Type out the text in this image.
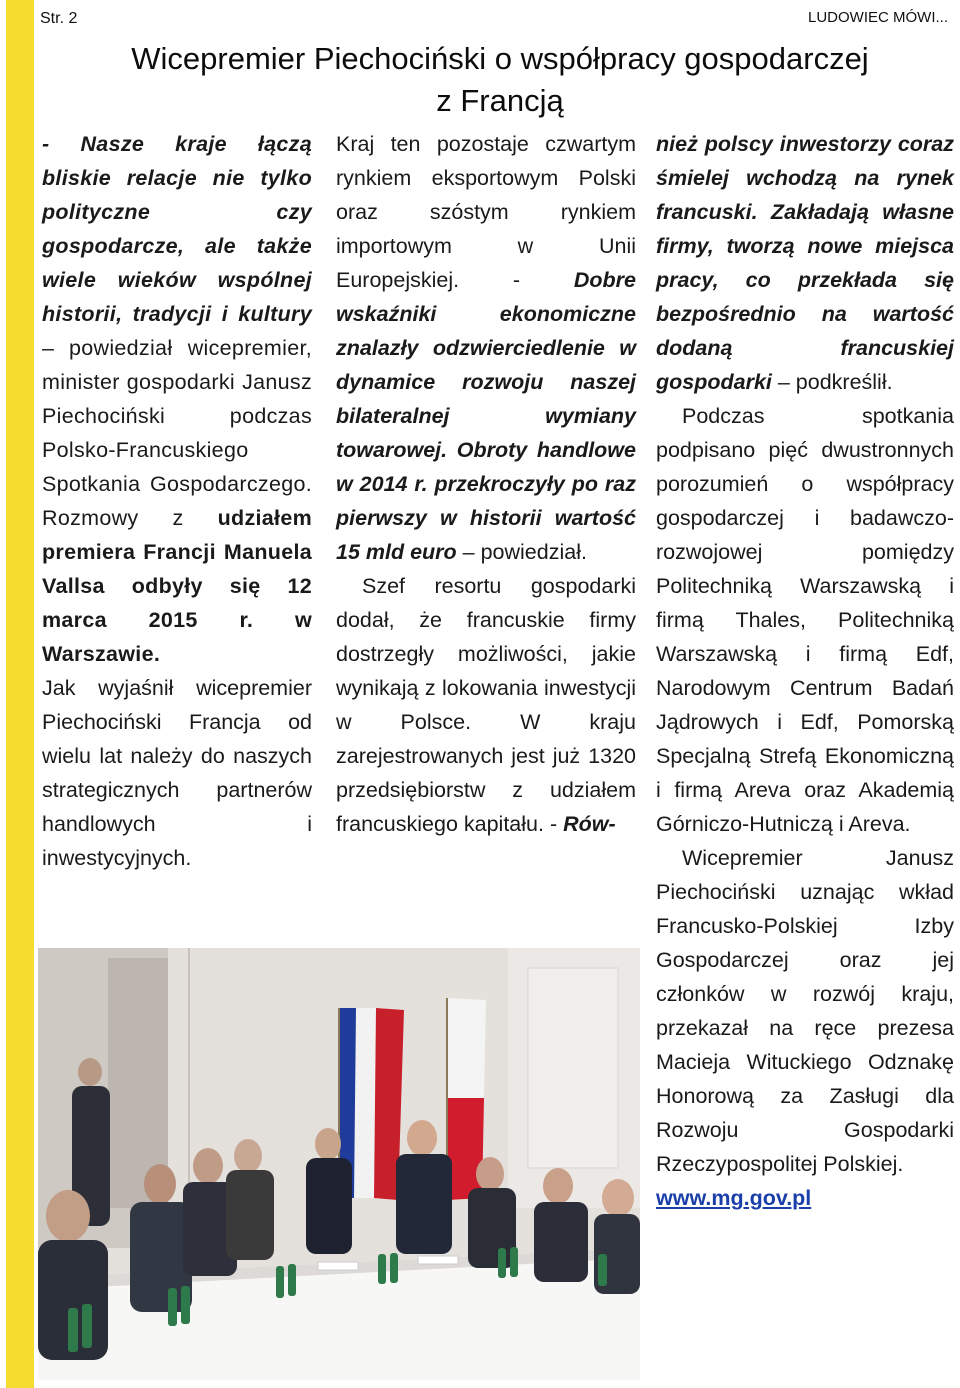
Str. 2	LUDOWIEC MÓWI...
Wicepremier Piechociński o współpracy gospodarczej
z Francją

- Nasze kraje łączą bliskie relacje nie tylko polityczne czy gospodarcze, ale także wiele wieków wspólnej historii, tradycji i kultury – powiedział wicepremier, minister gospodarki Janusz Piechociński podczas Polsko-Francuskiego Spotkania Gospodarczego. Rozmowy z udziałem premiera Francji Manuela Vallsa odbyły się 12 marca 2015 r. w Warszawie.

Jak wyjaśnił wicepremier Piechociński Francja od wielu lat należy do naszych strategicznych partnerów handlowych i inwestycyjnych.

Kraj ten pozostaje czwartym rynkiem eksportowym Polski oraz szóstym rynkiem importowym w Unii Europejskiej. - Dobre wskaźniki ekonomiczne znalazły odzwierciedlenie w dynamice rozwoju naszej bilateralnej wymiany towarowej. Obroty handlowe w 2014 r. przekroczyły po raz pierwszy w historii wartość 15 mld euro – powiedział.

Szef resortu gospodarki dodał, że francuskie firmy dostrzegły możliwości, jakie wynikają z lokowania inwestycji w Polsce. W kraju zarejestrowanych jest już 1320 przedsiębiorstw z udziałem francuskiego kapitału. - Rów-

nież polscy inwestorzy coraz śmielej wchodzą na rynek francuski. Zakładają własne firmy, tworzą nowe miejsca pracy, co przekłada się bezpośrednio na wartość dodaną francuskiej gospodarki – podkreślił.

Podczas spotkania podpisano pięć dwustronnych porozumień o współpracy gospodarczej i badawczo-rozwojowej pomiędzy Politechniką Warszawską i firmą Thales, Politechniką Warszawską i firmą Edf, Narodowym Centrum Badań Jądrowych i Edf, Pomorską Specjalną Strefą Ekonomiczną i firmą Areva oraz Akademią Górniczo-Hutniczą i Areva.

Wicepremier Janusz Piechociński uznając wkład Francusko-Polskiej Izby Gospodarczej oraz jej członków w rozwój kraju, przekazał na ręce prezesa Macieja Wituckiego Odznakę Honorową za Zasługi dla Rozwoju Gospodarki Rzeczypospolitej Polskiej.

www.mg.gov.pl
